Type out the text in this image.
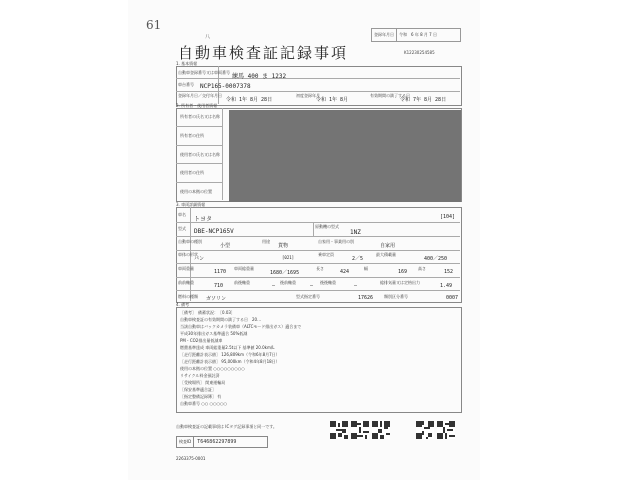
61
八	登録年月日	令和	6 年 8 月 7 日
自動車検査証記録事項	K12230254585
1. 基本情報
自動車登録番号又は車両番号
練馬 400 ま 1232
車台番号 NCP165-0007378
登録年月日／交付年月日
令和 1年 8月 28日
初度登録年月
令和 1年 8月
有効期間の満了する日
令和 7年 8月 28日
2. 所有者・使用者情報
所有者の氏名又は名称
所有者の住所
使用者の氏名又は名称
使用者の住所
使用の本拠の位置
3. 車両詳細情報
車名
トヨタ	[104]
型式 DBE-NCP165V
原動機の型式
1NZ
自動車の種別
小型
用途
貨物
自家用・事業用の別
自家用
車体の形状
バン	[021]
乗車定員
2／5
最大積載量
400／250
車両重量
1170
車両総重量
1680／1695
長さ
424
幅
169
高さ
152
前前軸重
710
前後軸重
–
後前軸重
–
後後軸重
–
総排気量又は定格出力
1.49
燃料の種類 ガソリン	型式指定番号	17626	類別区分番号	0007
4. 備考
［備考］　備蓄状況：［0.03］
自動車検査証の有効期間の満了する日　20…
当該自動車はバックカメラ装備車（ALTCモード排出ガス）適合まで
平成30年排出ガス基準適合 50%低減
PM・CO2排出量低減車
燃費基準達成 車両総重量2.5t以下 基準値 20.0km/L
［走行距離計表示値］ 126,809km（令和6年8月7日）
［走行距離計表示値］ 95,000km（令和4年8月18日）
使用の本拠の位置 ○○○○○○○○○
リサイクル料金預託済
［受検場所］ 関東運輸局
［保安基準適合証］
［指定整備記録簿］ 有
自動車番号 ○○ ○○○○○
自動車検査証の記載事項は ICタグ記録事項と同一です。
検査ID	T646862297899
2263375-0001
